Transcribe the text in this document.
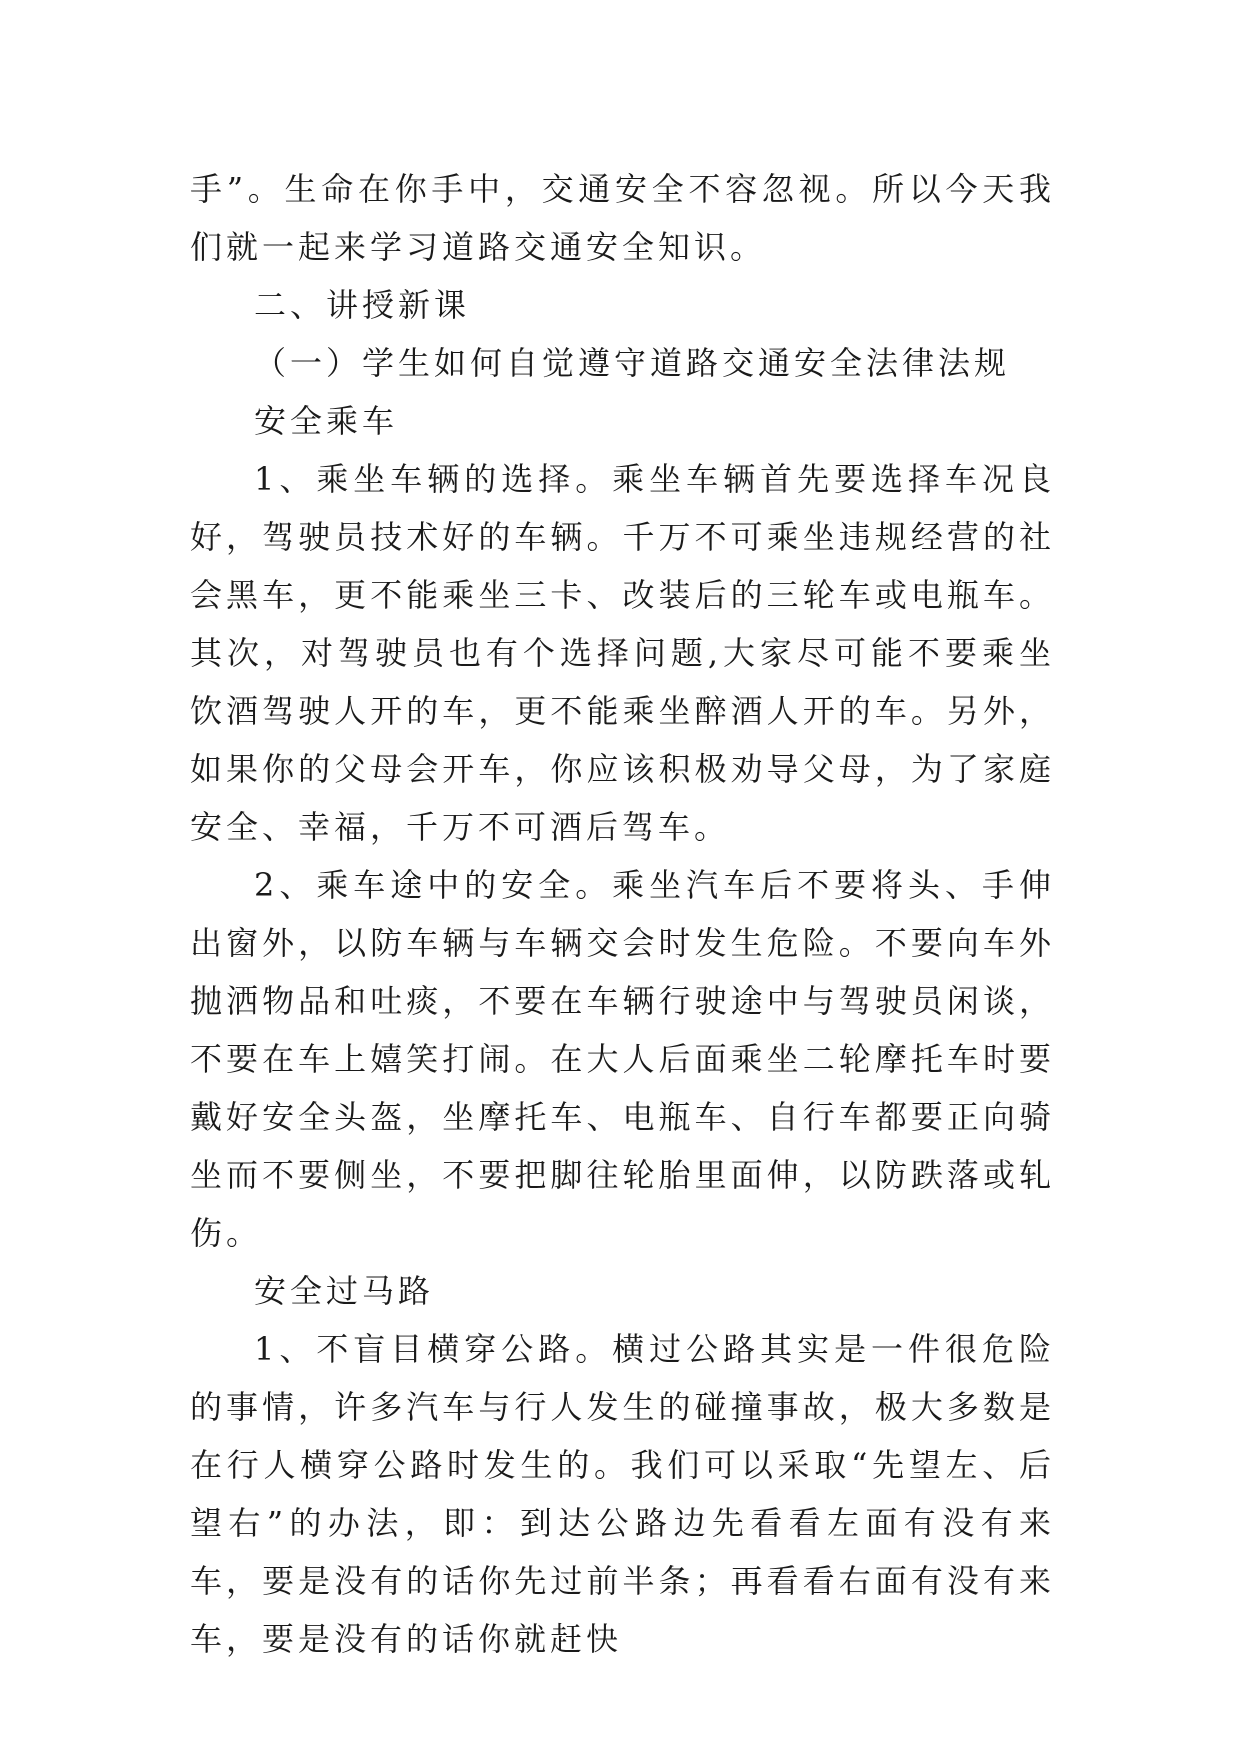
手”。生命在你手中，交通安全不容忽视。所以今天我们就一起来学习道路交通安全知识。

二、讲授新课

（一）学生如何自觉遵守道路交通安全法律法规

安全乘车

1、乘坐车辆的选择。乘坐车辆首先要选择车况良好，驾驶员技术好的车辆。千万不可乘坐违规经营的社会黑车，更不能乘坐三卡、改装后的三轮车或电瓶车。其次，对驾驶员也有个选择问题,大家尽可能不要乘坐饮酒驾驶人开的车，更不能乘坐醉酒人开的车。另外，如果你的父母会开车，你应该积极劝导父母，为了家庭安全、幸福，千万不可酒后驾车。

2、乘车途中的安全。乘坐汽车后不要将头、手伸出窗外，以防车辆与车辆交会时发生危险。不要向车外抛洒物品和吐痰，不要在车辆行驶途中与驾驶员闲谈，不要在车上嬉笑打闹。在大人后面乘坐二轮摩托车时要戴好安全头盔，坐摩托车、电瓶车、自行车都要正向骑坐而不要侧坐，不要把脚往轮胎里面伸，以防跌落或轧伤。

安全过马路

1、不盲目横穿公路。横过公路其实是一件很危险的事情，许多汽车与行人发生的碰撞事故，极大多数是在行人横穿公路时发生的。我们可以采取“先望左、后望右”的办法，即：到达公路边先看看左面有没有来车，要是没有的话你先过前半条；再看看右面有没有来车，要是没有的话你就赶快
